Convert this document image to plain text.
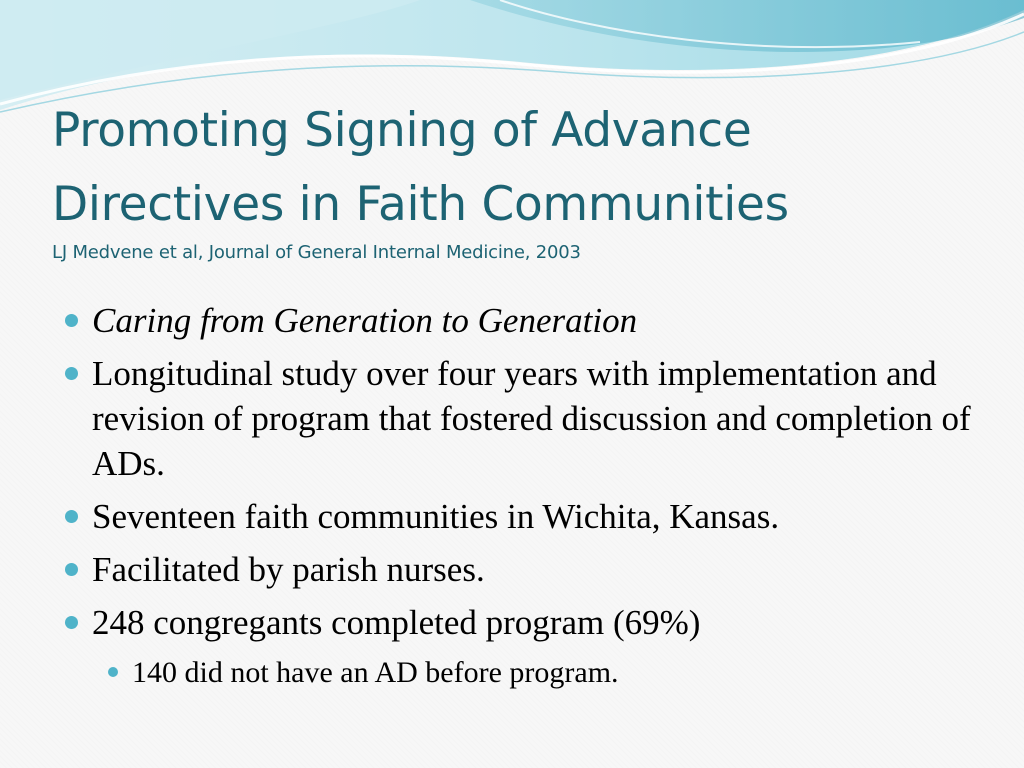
Promoting Signing of Advance Directives in Faith Communities

LJ Medvene et al, Journal of General Internal Medicine, 2003

Caring from Generation to Generation
Longitudinal study over four years with implementation and revision of program that fostered discussion and completion of ADs.
Seventeen faith communities in Wichita, Kansas.
Facilitated by parish nurses.
248 congregants completed program (69%)
140 did not have an AD before program.
